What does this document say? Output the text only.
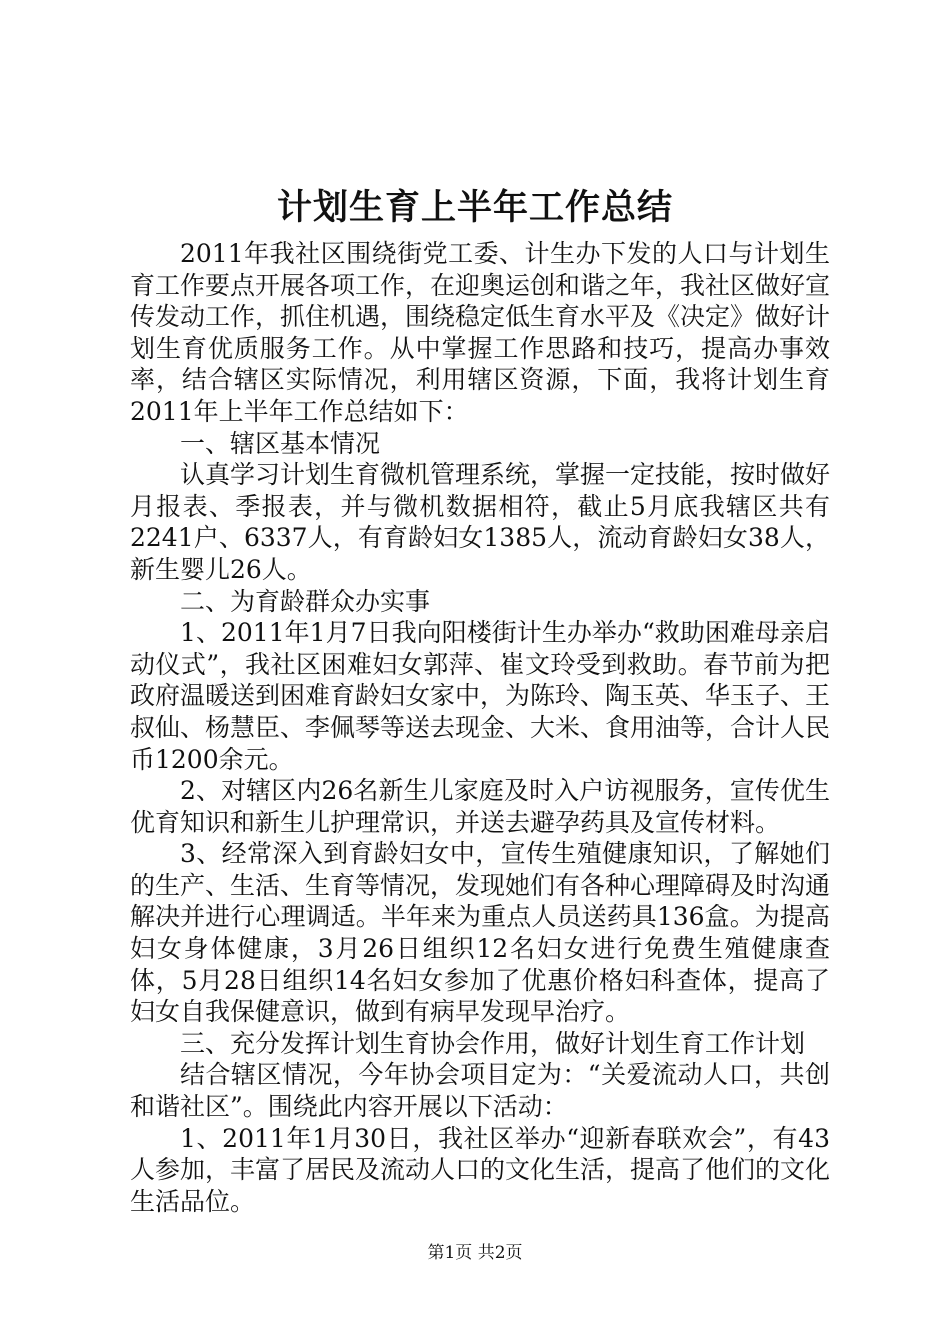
计划生育上半年工作总结

2011年我社区围绕街党工委、计生办下发的人口与计划生育工作要点开展各项工作，在迎奥运创和谐之年，我社区做好宣传发动工作，抓住机遇，围绕稳定低生育水平及《决定》做好计划生育优质服务工作。从中掌握工作思路和技巧，提高办事效率，结合辖区实际情况，利用辖区资源，下面，我将计划生育2011年上半年工作总结如下：

一、辖区基本情况

认真学习计划生育微机管理系统，掌握一定技能，按时做好月报表、季报表，并与微机数据相符，截止5月底我辖区共有2241户、6337人，有育龄妇女1385人，流动育龄妇女38人，新生婴儿26人。

二、为育龄群众办实事

1、2011年1月7日我向阳楼街计生办举办“救助困难母亲启动仪式”，我社区困难妇女郭萍、崔文玲受到救助。春节前为把政府温暖送到困难育龄妇女家中，为陈玲、陶玉英、华玉子、王叔仙、杨慧臣、李佩琴等送去现金、大米、食用油等，合计人民币1200余元。

2、对辖区内26名新生儿家庭及时入户访视服务，宣传优生优育知识和新生儿护理常识，并送去避孕药具及宣传材料。

3、经常深入到育龄妇女中，宣传生殖健康知识，了解她们的生产、生活、生育等情况，发现她们有各种心理障碍及时沟通解决并进行心理调适。半年来为重点人员送药具136盒。为提高妇女身体健康，3月26日组织12名妇女进行免费生殖健康查体，5月28日组织14名妇女参加了优惠价格妇科查体，提高了妇女自我保健意识，做到有病早发现早治疗。

三、充分发挥计划生育协会作用，做好计划生育工作计划

结合辖区情况，今年协会项目定为：“关爱流动人口，共创和谐社区”。围绕此内容开展以下活动：

1、2011年1月30日，我社区举办“迎新春联欢会”，有43人参加，丰富了居民及流动人口的文化生活，提高了他们的文化生活品位。

第1页 共2页
